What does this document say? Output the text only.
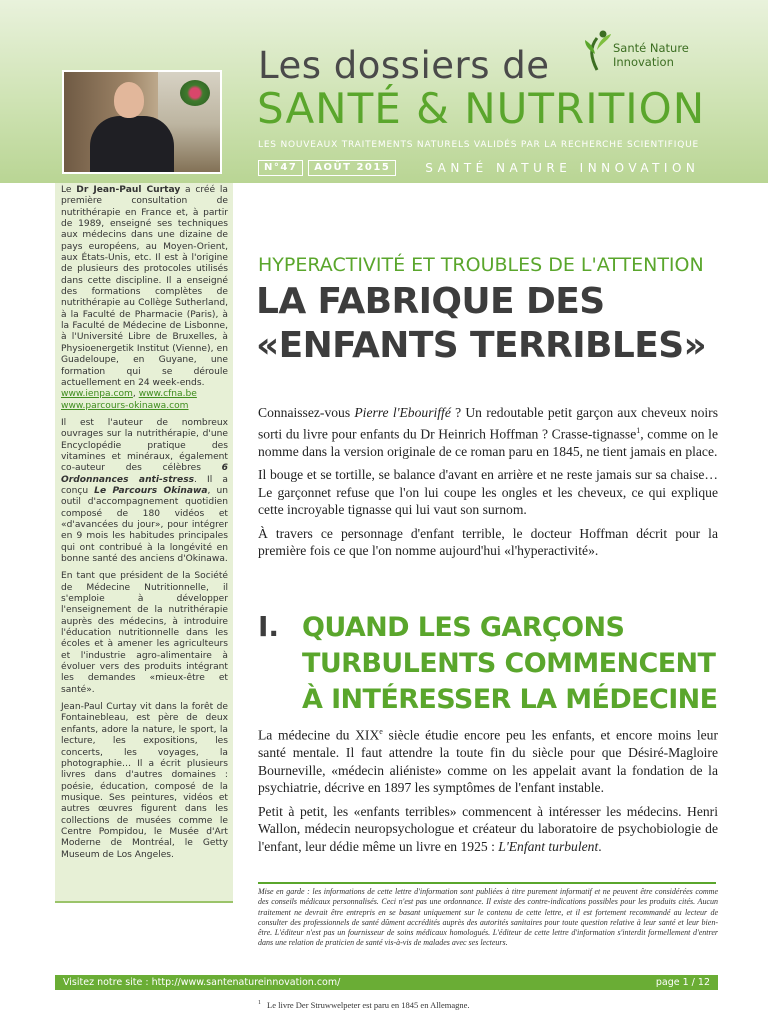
Les dossiers de
SANTÉ & NUTRITION
LES NOUVEAUX TRAITEMENTS NATURELS VALIDÉS PAR LA RECHERCHE SCIENTIFIQUE
N°47	AOÛT 2015	SANTÉ NATURE INNOVATION
Santé Nature
Innovation

Le Dr Jean-Paul Curtay a créé la première consultation de nutrithérapie en France et, à partir de 1989, enseigné ses techniques aux médecins dans une dizaine de pays européens, au Moyen-Orient, aux États-Unis, etc. Il est à l'origine de plusieurs des protocoles utilisés dans cette discipline. Il a enseigné des formations complètes de nutrithérapie au Collège Sutherland, à la Faculté de Pharmacie (Paris), à la Faculté de Médecine de Lisbonne, à l'Université Libre de Bruxelles, à Physioenergetik Institut (Vienne), en Guadeloupe, en Guyane, une formation qui se déroule actuellement en 24 week-ends.
www.ienpa.com, www.cfna.be
www.parcours-okinawa.com

Il est l'auteur de nombreux ouvrages sur la nutrithérapie, d'une Encyclopédie pratique des vitamines et minéraux, également co-auteur des célèbres 6 Ordonnances anti-stress. Il a conçu Le Parcours Okinawa, un outil d'accompagnement quotidien composé de 180 vidéos et «d'avancées du jour», pour intégrer en 9 mois les habitudes principales qui ont contribué à la longévité en bonne santé des anciens d'Okinawa.

En tant que président de la Société de Médecine Nutritionnelle, il s'emploie à développer l'enseignement de la nutrithérapie auprès des médecins, à introduire l'éducation nutritionnelle dans les écoles et à amener les agriculteurs et l'industrie agro-alimentaire à évoluer vers des produits intégrant les demandes «mieux-être et santé».

Jean-Paul Curtay vit dans la forêt de Fontainebleau, est père de deux enfants, adore la nature, le sport, la lecture, les expositions, les concerts, les voyages, la photographie… Il a écrit plusieurs livres dans d'autres domaines : poésie, éducation, composé de la musique. Ses peintures, vidéos et autres œuvres figurent dans les collections de musées comme le Centre Pompidou, le Musée d'Art Moderne de Montréal, le Getty Museum de Los Angeles.

HYPERACTIVITÉ ET TROUBLES DE L'ATTENTION
LA FABRIQUE DES
«ENFANTS TERRIBLES»

Connaissez-vous Pierre l'Ebouriffé ? Un redoutable petit garçon aux cheveux noirs sorti du livre pour enfants du Dr Heinrich Hoffman ? Crasse-tignasse$^1$, comme on le nomme dans la version originale de ce roman paru en 1845, ne tient jamais en place.

Il bouge et se tortille, se balance d'avant en arrière et ne reste jamais sur sa chaise… Le garçonnet refuse que l'on lui coupe les ongles et les cheveux, ce qui explique cette incroyable tignasse qui lui vaut son surnom.

À travers ce personnage d'enfant terrible, le docteur Hoffman décrit pour la première fois ce que l'on nomme aujourd'hui «l'hyperactivité».

I. QUAND LES GARÇONS
TURBULENTS COMMENCENT
À INTÉRESSER LA MÉDECINE

La médecine du XIXe siècle étudie encore peu les enfants, et encore moins leur santé mentale. Il faut attendre la toute fin du siècle pour que Désiré-Magloire Bourneville, «médecin aliéniste» comme on les appelait avant la fondation de la psychiatrie, décrive en 1897 les symptômes de l'enfant instable.

Petit à petit, les «enfants terribles» commencent à intéresser les médecins. Henri Wallon, médecin neuropsychologue et créateur du laboratoire de psychobiologie de l'enfant, leur dédie même un livre en 1925 : L'Enfant turbulent.

Mise en garde : les informations de cette lettre d'information sont publiées à titre purement informatif et ne peuvent être considérées comme des conseils médicaux personnalisés. Ceci n'est pas une ordonnance. Il existe des contre-indications possibles pour les produits cités. Aucun traitement ne devrait être entrepris en se basant uniquement sur le contenu de cette lettre, et il est fortement recommandé au lecteur de consulter des professionnels de santé dûment accrédités auprès des autorités sanitaires pour toute question relative à leur santé et leur bien-être. L'éditeur n'est pas un fournisseur de soins médicaux homologués. L'éditeur de cette lettre d'information s'interdit formellement d'entrer dans une relation de praticien de santé vis-à-vis de malades avec ses lecteurs.
Visitez notre site : http://www.santenatureinnovation.com/	page 1 / 12
$^1$ Le livre Der Struwwelpeter est paru en 1845 en Allemagne.
